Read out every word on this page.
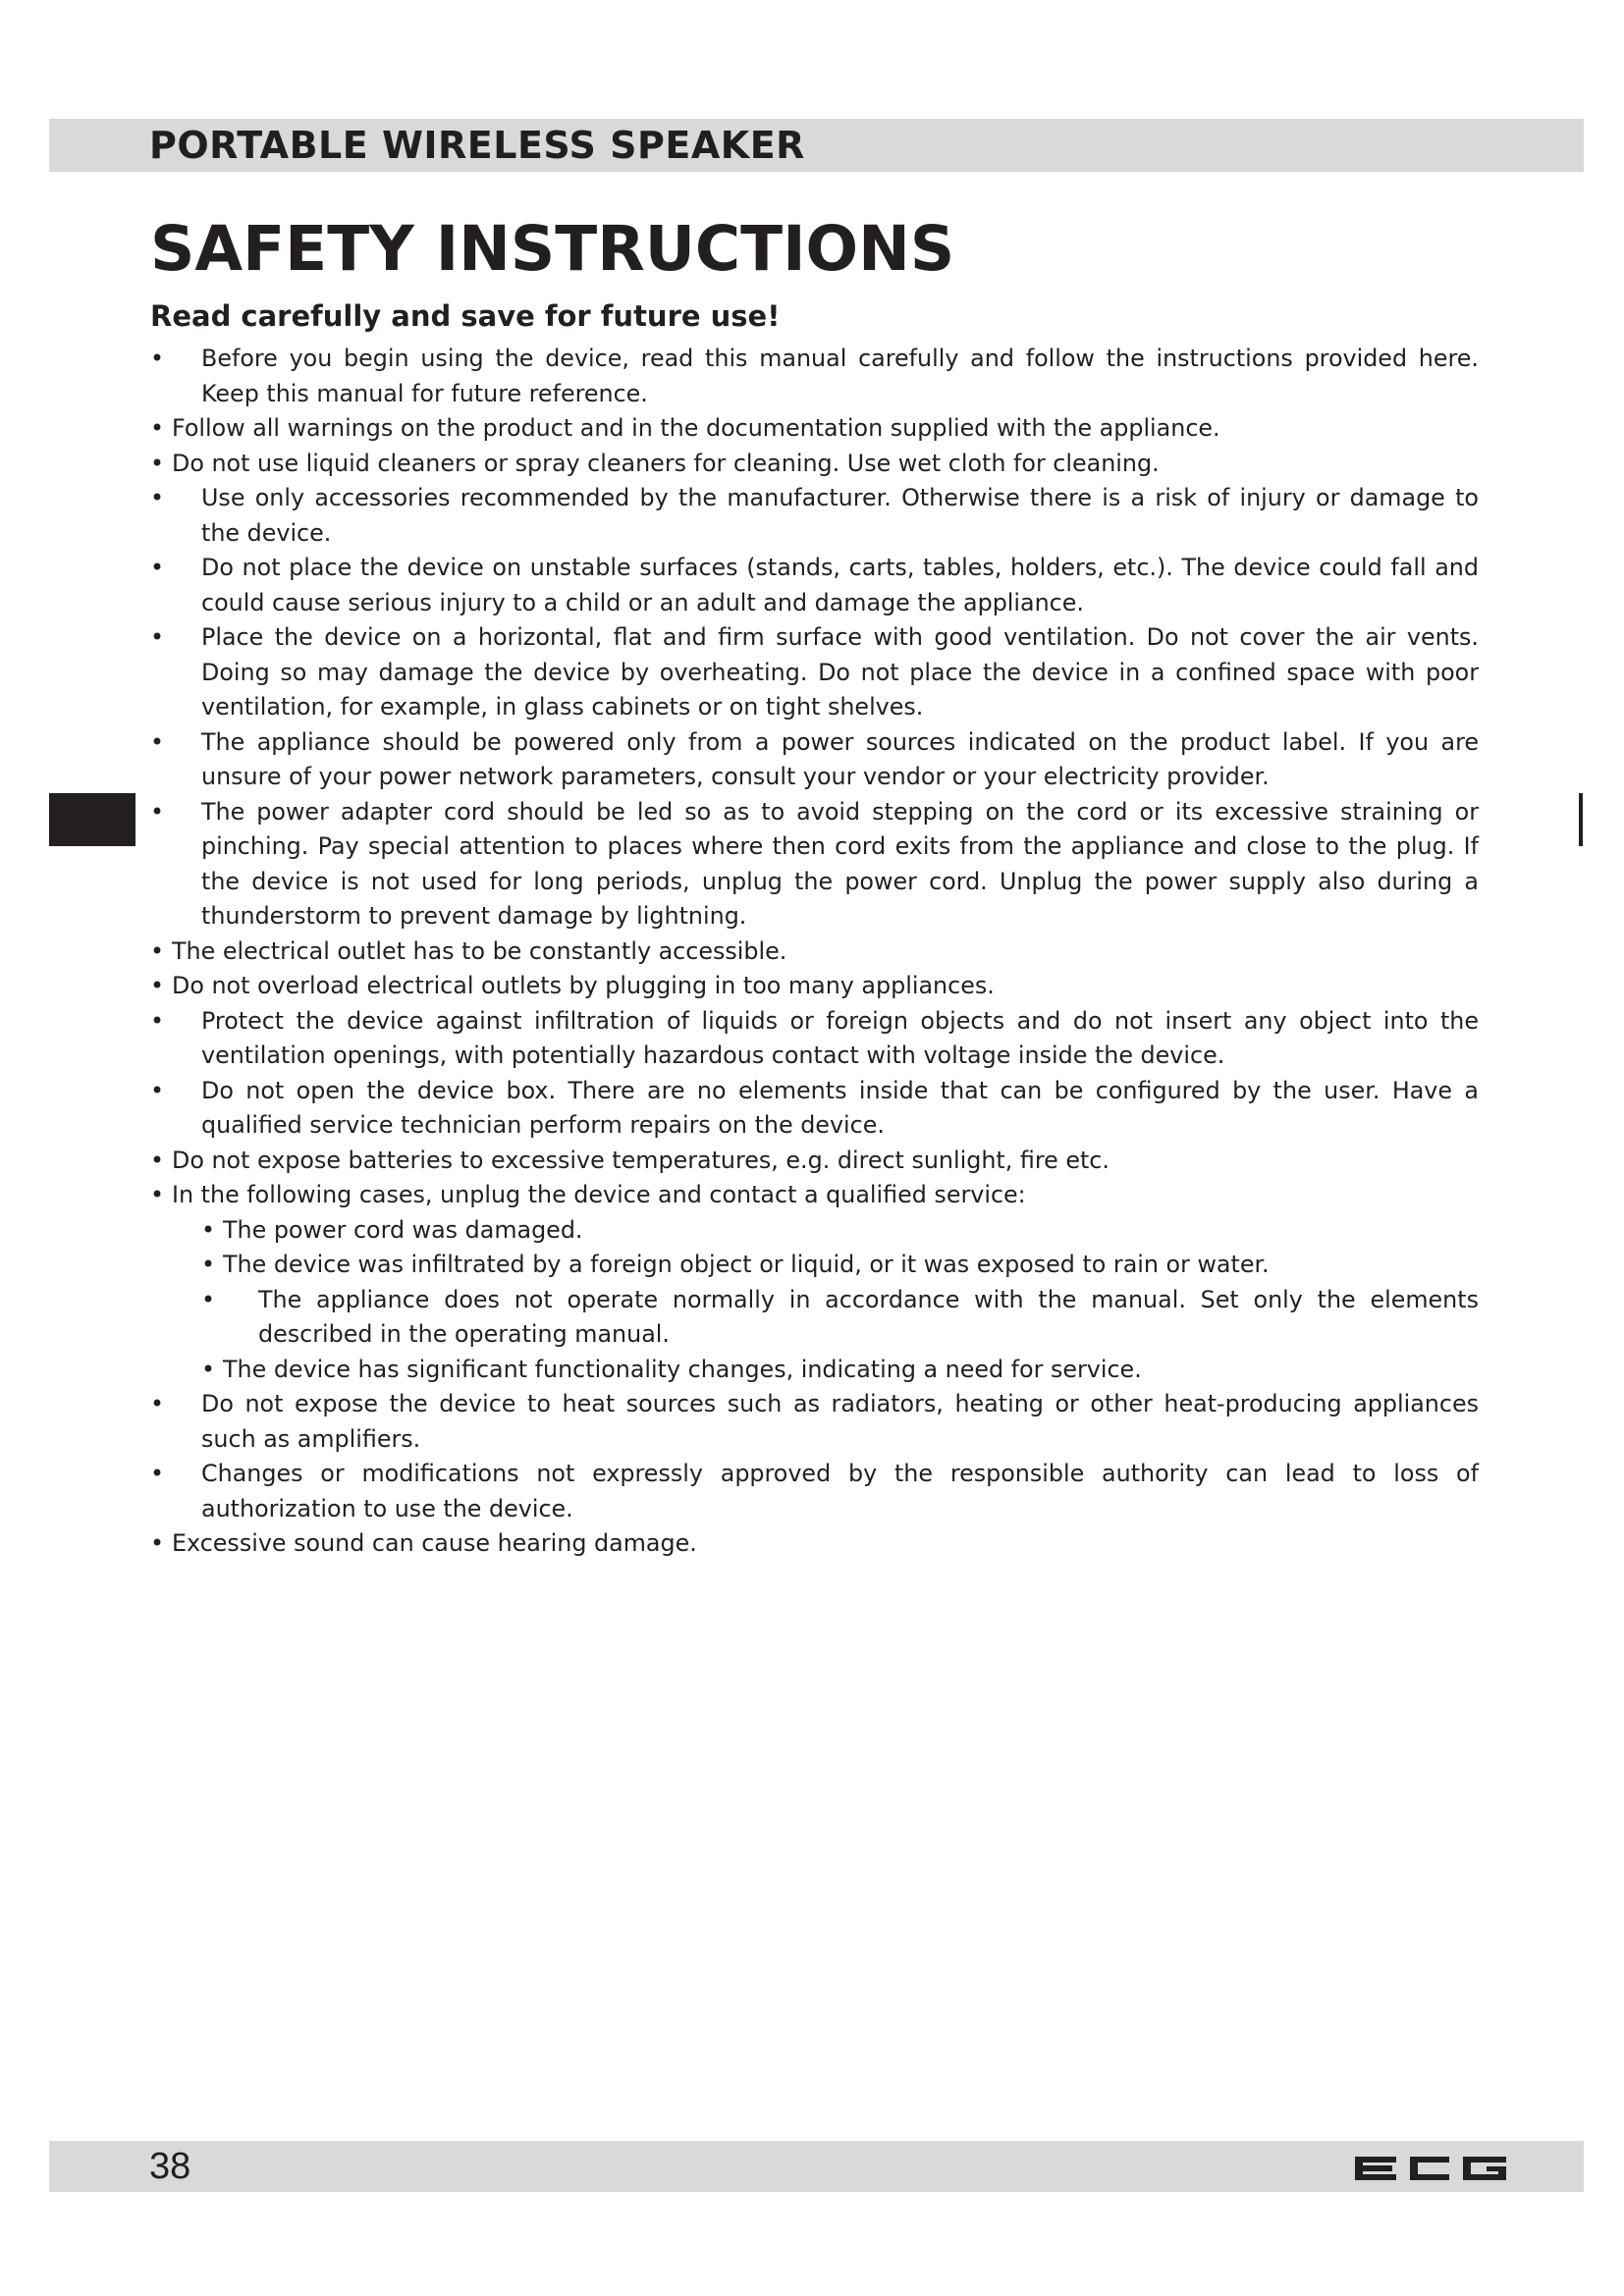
PORTABLE WIRELESS SPEAKER
SAFETY INSTRUCTIONS
Read carefully and save for future use!

• Before you begin using the device, read this manual carefully and follow the instructions provided here. Keep this manual for future reference.

• Follow all warnings on the product and in the documentation supplied with the appliance.

• Do not use liquid cleaners or spray cleaners for cleaning. Use wet cloth for cleaning.

• Use only accessories recommended by the manufacturer. Otherwise there is a risk of injury or damage to the device.

• Do not place the device on unstable surfaces (stands, carts, tables, holders, etc.). The device could fall and could cause serious injury to a child or an adult and damage the appliance.

• Place the device on a horizontal, flat and firm surface with good ventilation. Do not cover the air vents. Doing so may damage the device by overheating. Do not place the device in a confined space with poor ventilation, for example, in glass cabinets or on tight shelves.

• The appliance should be powered only from a power sources indicated on the product label. If you are unsure of your power network parameters, consult your vendor or your electricity provider.

• The power adapter cord should be led so as to avoid stepping on the cord or its excessive straining or pinching. Pay special attention to places where then cord exits from the appliance and close to the plug. If the device is not used for long periods, unplug the power cord. Unplug the power supply also during a thunderstorm to prevent damage by lightning.

• The electrical outlet has to be constantly accessible.

• Do not overload electrical outlets by plugging in too many appliances.

• Protect the device against infiltration of liquids or foreign objects and do not insert any object into the ventilation openings, with potentially hazardous contact with voltage inside the device.

• Do not open the device box. There are no elements inside that can be configured by the user. Have a qualified service technician perform repairs on the device.

• Do not expose batteries to excessive temperatures, e.g. direct sunlight, fire etc.

• In the following cases, unplug the device and contact a qualified service:

• The power cord was damaged.

• The device was infiltrated by a foreign object or liquid, or it was exposed to rain or water.

• The appliance does not operate normally in accordance with the manual. Set only the elements described in the operating manual.

• The device has significant functionality changes, indicating a need for service.

• Do not expose the device to heat sources such as radiators, heating or other heat-producing appliances such as amplifiers.

• Changes or modifications not expressly approved by the responsible authority can lead to loss of authorization to use the device.

• Excessive sound can cause hearing damage.

38
